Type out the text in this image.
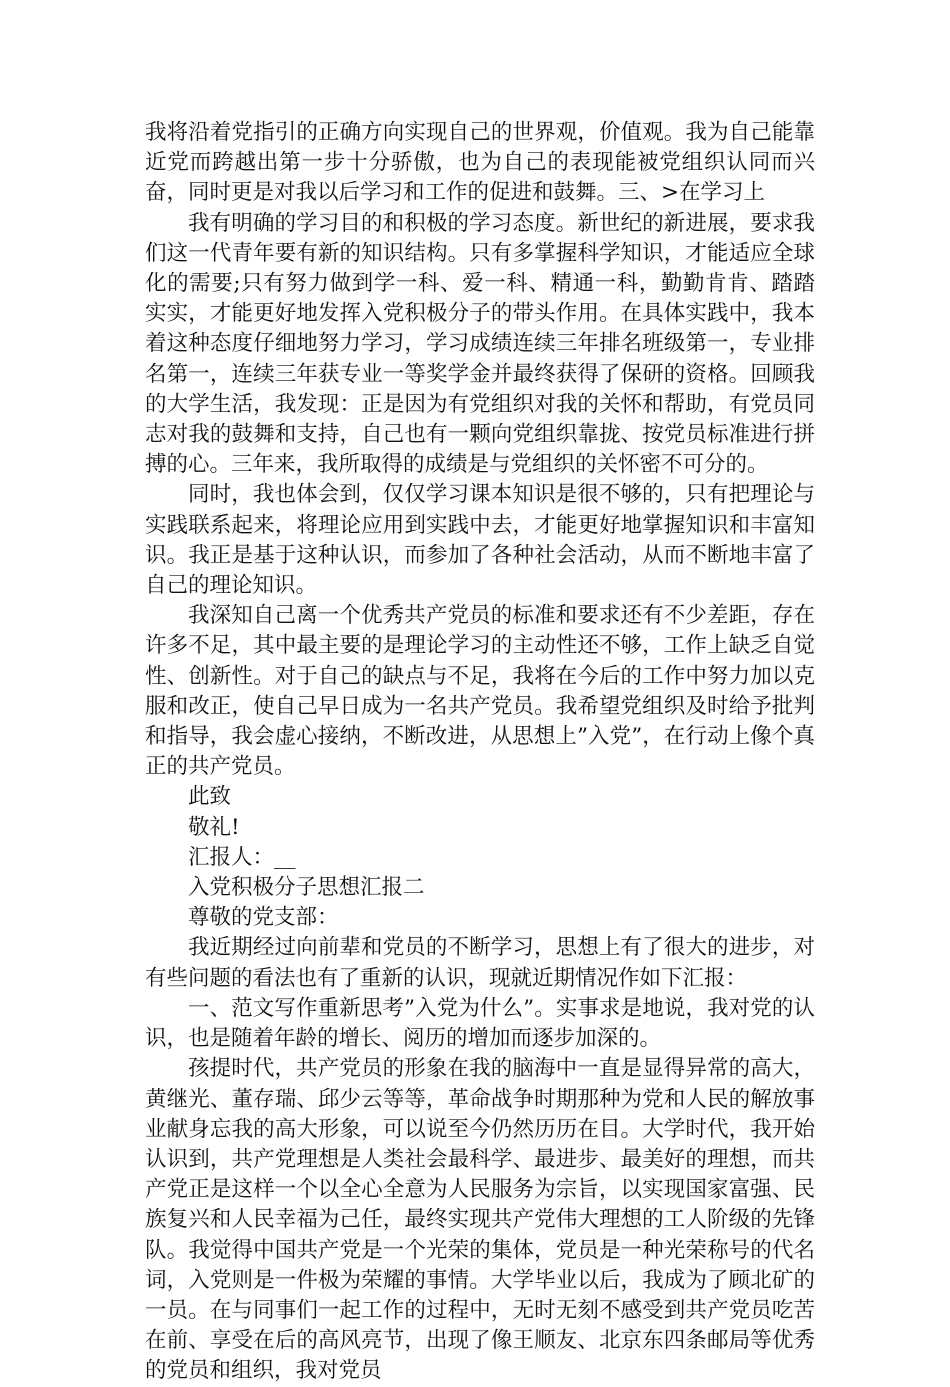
我将沿着党指引的正确方向实现自己的世界观，价值观。我为自己能靠近党而跨越出第一步十分骄傲，也为自己的表现能被党组织认同而兴奋，同时更是对我以后学习和工作的促进和鼓舞。三、>在学习上

我有明确的学习目的和积极的学习态度。新世纪的新进展，要求我们这一代青年要有新的知识结构。只有多掌握科学知识，才能适应全球化的需要;只有努力做到学一科、爱一科、精通一科，勤勤肯肯、踏踏实实，才能更好地发挥入党积极分子的带头作用。在具体实践中，我本着这种态度仔细地努力学习，学习成绩连续三年排名班级第一，专业排名第一，连续三年获专业一等奖学金并最终获得了保研的资格。回顾我的大学生活，我发现：正是因为有党组织对我的关怀和帮助，有党员同志对我的鼓舞和支持，自己也有一颗向党组织靠拢、按党员标准进行拼搏的心。三年来，我所取得的成绩是与党组织的关怀密不可分的。

同时，我也体会到，仅仅学习课本知识是很不够的，只有把理论与实践联系起来，将理论应用到实践中去，才能更好地掌握知识和丰富知识。我正是基于这种认识，而参加了各种社会活动，从而不断地丰富了自己的理论知识。

我深知自己离一个优秀共产党员的标准和要求还有不少差距，存在许多不足，其中最主要的是理论学习的主动性还不够，工作上缺乏自觉性、创新性。对于自己的缺点与不足，我将在今后的工作中努力加以克服和改正，使自己早日成为一名共产党员。我希望党组织及时给予批判和指导，我会虚心接纳，不断改进，从思想上”入党”，在行动上像个真正的共产党员。

此致

敬礼!

汇报人：__

入党积极分子思想汇报二

尊敬的党支部：

我近期经过向前辈和党员的不断学习，思想上有了很大的进步，对有些问题的看法也有了重新的认识，现就近期情况作如下汇报：

一、范文写作重新思考”入党为什么”。实事求是地说，我对党的认识，也是随着年龄的增长、阅历的增加而逐步加深的。

孩提时代，共产党员的形象在我的脑海中一直是显得异常的高大，黄继光、董存瑞、邱少云等等，革命战争时期那种为党和人民的解放事业献身忘我的高大形象，可以说至今仍然历历在目。大学时代，我开始认识到，共产党理想是人类社会最科学、最进步、最美好的理想，而共产党正是这样一个以全心全意为人民服务为宗旨，以实现国家富强、民族复兴和人民幸福为己任，最终实现共产党伟大理想的工人阶级的先锋队。我觉得中国共产党是一个光荣的集体，党员是一种光荣称号的代名词，入党则是一件极为荣耀的事情。大学毕业以后，我成为了顾北矿的一员。在与同事们一起工作的过程中，无时无刻不感受到共产党员吃苦在前、享受在后的高风亮节，出现了像王顺友、北京东四条邮局等优秀的党员和组织，我对党员
